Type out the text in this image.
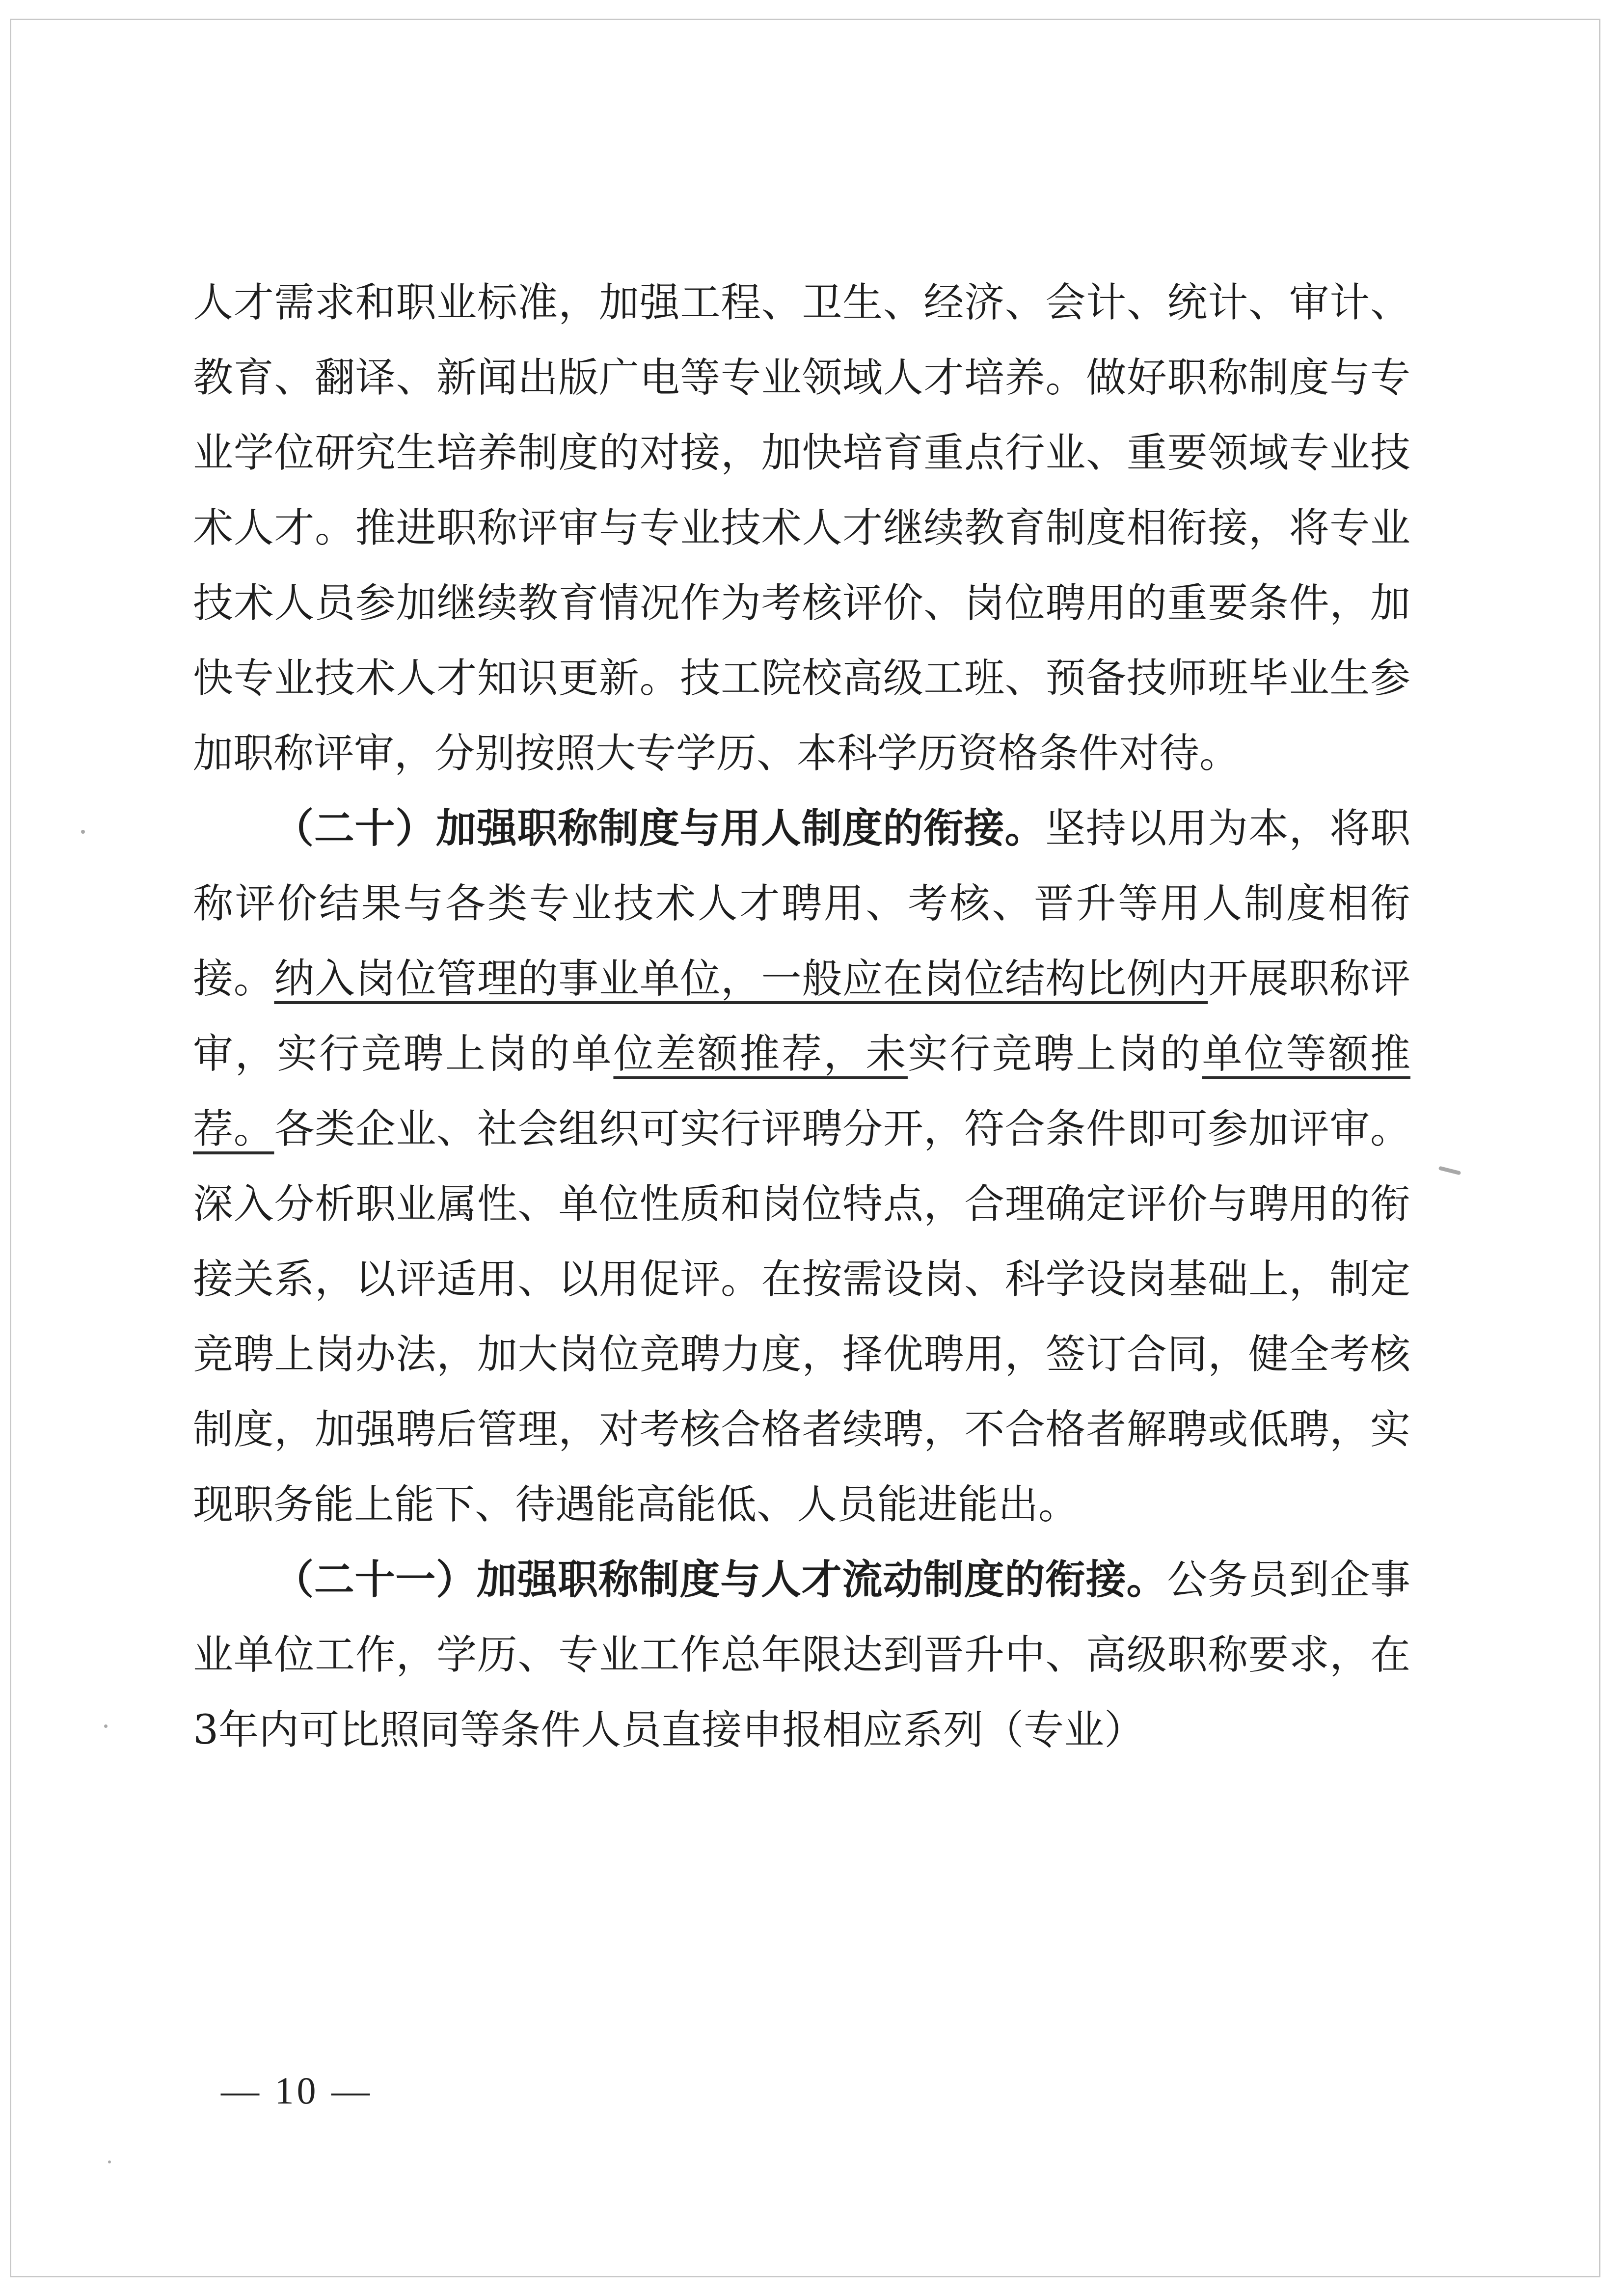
人才需求和职业标准，加强工程、卫生、经济、会计、统计、审计、教育、翻译、新闻出版广电等专业领域人才培养。做好职称制度与专业学位研究生培养制度的对接，加快培育重点行业、重要领域专业技术人才。推进职称评审与专业技术人才继续教育制度相衔接，将专业技术人员参加继续教育情况作为考核评价、岗位聘用的重要条件，加快专业技术人才知识更新。技工院校高级工班、预备技师班毕业生参加职称评审，分别按照大专学历、本科学历资格条件对待。

（二十）加强职称制度与用人制度的衔接。坚持以用为本，将职称评价结果与各类专业技术人才聘用、考核、晋升等用人制度相衔接。纳入岗位管理的事业单位，一般应在岗位结构比例内开展职称评审，实行竞聘上岗的单位差额推荐，未实行竞聘上岗的单位等额推荐。各类企业、社会组织可实行评聘分开，符合条件即可参加评审。深入分析职业属性、单位性质和岗位特点，合理确定评价与聘用的衔接关系，以评适用、以用促评。在按需设岗、科学设岗基础上，制定竞聘上岗办法，加大岗位竞聘力度，择优聘用，签订合同，健全考核制度，加强聘后管理，对考核合格者续聘，不合格者解聘或低聘，实现职务能上能下、待遇能高能低、人员能进能出。

（二十一）加强职称制度与人才流动制度的衔接。公务员到企事业单位工作，学历、专业工作总年限达到晋升中、高级职称要求，在3年内可比照同等条件人员直接申报相应系列（专业）

— 10 —
